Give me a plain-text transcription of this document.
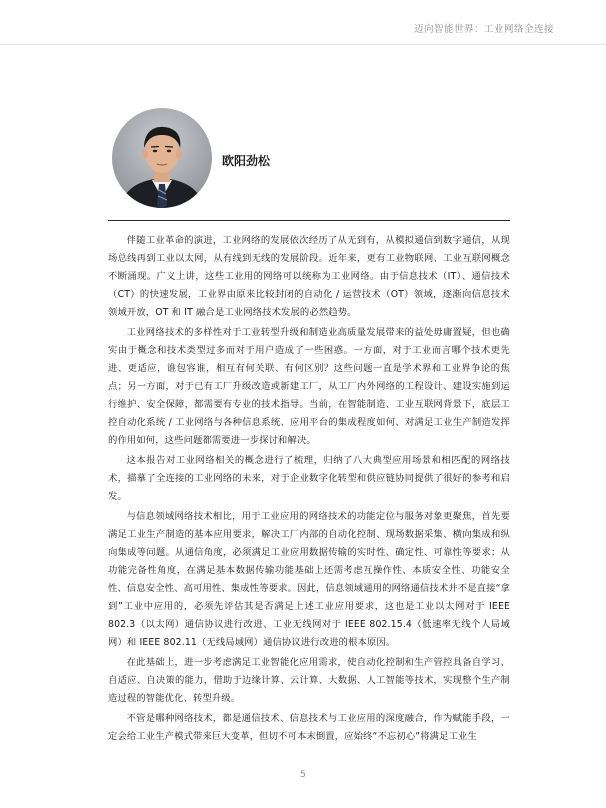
迈向智能世界：工业网络全连接
欧阳劲松

伴随工业革命的演进，工业网络的发展依次经历了从无到有，从模拟通信到数字通信，从现场总线再到工业以太网，从有线到无线的发展阶段。近年来，更有工业物联网、工业互联网概念不断涌现。广义上讲，这些工业用的网络可以统称为工业网络。由于信息技术（IT）、通信技术（CT）的快速发展，工业界由原来比较封闭的自动化 / 运营技术（OT）领域，逐渐向信息技术领域开放，OT 和 IT 融合是工业网络技术发展的必然趋势。

工业网络技术的多样性对于工业转型升级和制造业高质量发展带来的益处毋庸置疑，但也确实由于概念和技术类型过多而对于用户造成了一些困惑。一方面，对于工业而言哪个技术更先进、更适应，谁包容谁，相互有何关联、有何区别？这些问题一直是学术界和工业界争论的焦点；另一方面，对于已有工厂升级改造或新建工厂，从工厂内外网络的工程设计、建设实施到运行维护、安全保障，都需要有专业的技术指导。当前，在智能制造、工业互联网背景下，底层工控自动化系统 / 工业网络与各种信息系统、应用平台的集成程度如何、对满足工业生产制造发挥的作用如何，这些问题都需要进一步探讨和解决。

这本报告对工业网络相关的概念进行了梳理，归纳了八大典型应用场景和相匹配的网络技术，描摹了全连接的工业网络的未来，对于企业数字化转型和供应链协同提供了很好的参考和启发。

与信息领域网络技术相比，用于工业应用的网络技术的功能定位与服务对象更聚焦，首先要满足工业生产制造的基本应用要求，解决工厂内部的自动化控制、现场数据采集、横向集成和纵向集成等问题。从通信角度，必须满足工业应用数据传输的实时性、确定性、可靠性等要求；从功能完备性角度，在满足基本数据传输功能基础上还需考虑互操作性、本质安全性、功能安全性、信息安全性、高可用性、集成性等要求。因此，信息领域通用的网络通信技术并不是直接“拿到”工业中应用的，必须先评估其是否满足上述工业应用要求，这也是工业以太网对于 IEEE 802.3（以太网）通信协议进行改进、工业无线网对于 IEEE 802.15.4（低速率无线个人局域网）和 IEEE 802.11（无线局域网）通信协议进行改进的根本原因。

在此基础上，进一步考虑满足工业智能化应用需求，使自动化控制和生产管控具备自学习、自适应、自决策的能力，借助于边缘计算、云计算、大数据、人工智能等技术，实现整个生产制造过程的智能优化、转型升级。

不管是哪种网络技术，都是通信技术、信息技术与工业应用的深度融合，作为赋能手段，一定会给工业生产模式带来巨大变革，但切不可本末倒置，应始终“不忘初心”将满足工业生

5
